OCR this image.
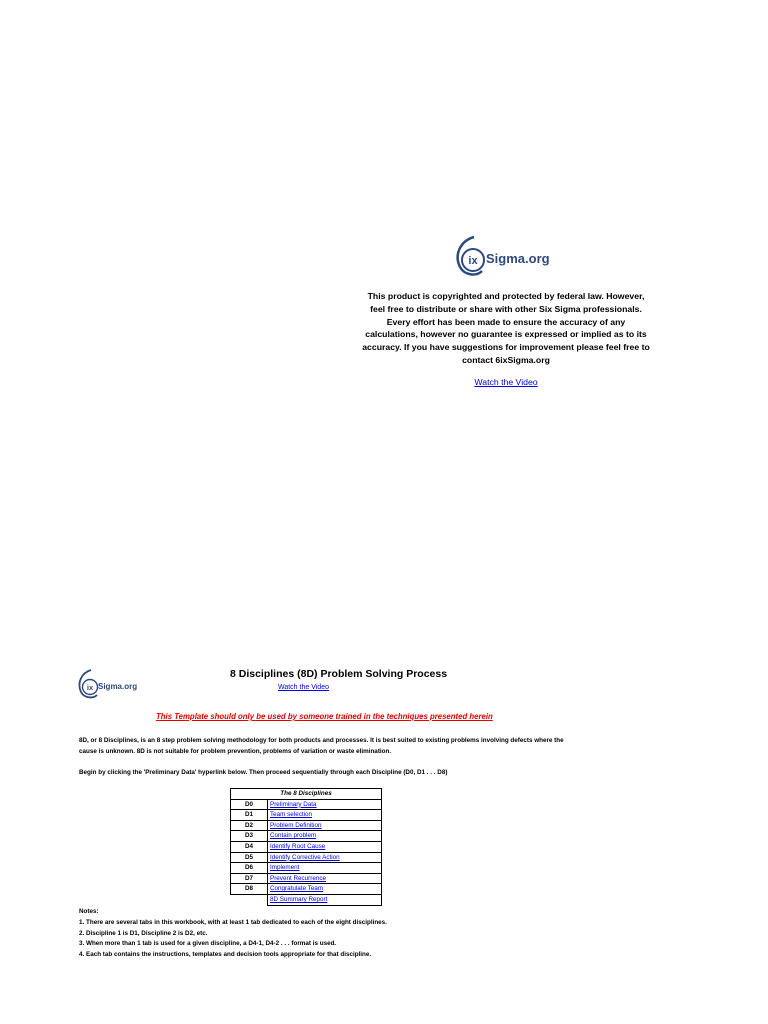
ix Sigma.org
This product is copyrighted and protected by federal law. However, feel free to distribute or share with other Six Sigma professionals. Every effort has been made to ensure the accuracy of any calculations, however no guarantee is expressed or implied as to its accuracy. If you have suggestions for improvement please feel free to contact 6ixSigma.org
Watch the Video
ix Sigma.org
8 Disciplines (8D) Problem Solving Process
Watch the Video
This Template should only be used by someone trained in the techniques presented herein
8D, or 8 Disciplines, is an 8 step problem solving methodology for both products and processes. It is best suited to existing problems involving defects where the cause is unknown. 8D is not suitable for problem prevention, problems of variation or waste elimination.
Begin by clicking the 'Preliminary Data' hyperlink below. Then proceed sequentially through each Discipline (D0, D1 . . . D8)
The 8 Disciplines	
D0	Preliminary Data
D1	Team selection
D2	Problem Definition
D3	Contain problem
D4	Identify Root Cause
D5	Identify Corrective Action
D6	Implement
D7	Prevent Recurrence
D8	Congratulate Team
	8D Summary Report
Notes:
1. There are several tabs in this workbook, with at least 1 tab dedicated to each of the eight disciplines.
2. Discipline 1 is D1, Discipline 2 is D2, etc.
3. When more than 1 tab is used for a given discipline, a D4-1, D4-2 . . . format is used.
4. Each tab contains the instructions, templates and decision tools appropriate for that discipline.
